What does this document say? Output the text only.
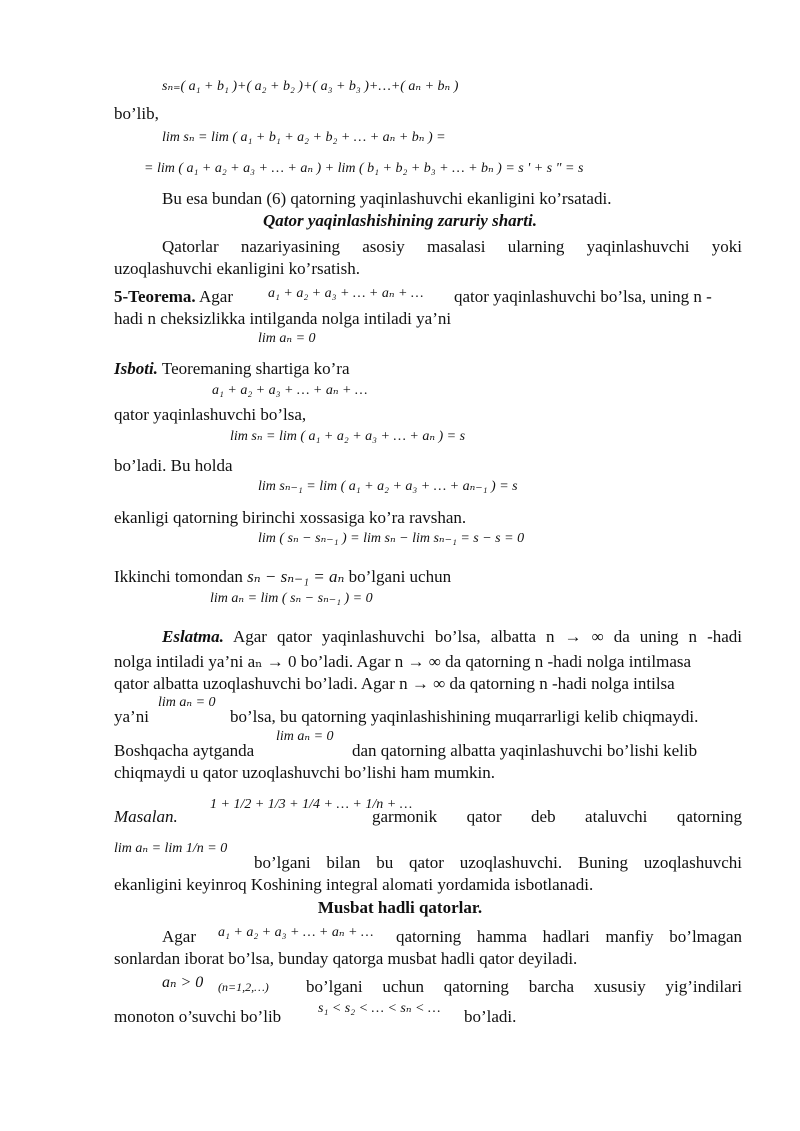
sₙ₌( a₁ + b₁ )+( a₂ + b₂ )+( a₃ + b₃ )+…+( aₙ + bₙ )
bo’lib,
lim sₙ = lim ( a₁ + b₁ + a₂ + b₂ + … + aₙ + bₙ ) =
= lim ( a₁ + a₂ + a₃ + … + aₙ ) + lim ( b₁ + b₂ + b₃ + … + bₙ ) = s ' + s " = s
Bu esa bundan (6) qatorning yaqinlashuvchi ekanligini ko’rsatadi.
Qator yaqinlashishining zaruriy sharti.
Qatorlar nazariyasining asosiy masalasi ularning yaqinlashuvchi yoki
uzoqlashuvchi ekanligini ko’rsatish.
5-Teorema. Agar	a₁ + a₂ + a₃ + … + aₙ + … qator yaqinlashuvchi bo’lsa, uning n -
hadi n cheksizlikka intilganda nolga intiladi ya’ni
lim aₙ = 0
Isboti. Teoremaning shartiga ko’ra
a₁ + a₂ + a₃ + … + aₙ + …
qator yaqinlashuvchi bo’lsa,
lim sₙ = lim ( a₁ + a₂ + a₃ + … + aₙ ) = s
bo’ladi. Bu holda
lim sₙ₋₁ = lim ( a₁ + a₂ + a₃ + … + aₙ₋₁ ) = s
ekanligi qatorning birinchi xossasiga ko’ra ravshan.
lim ( sₙ − sₙ₋₁ ) = lim sₙ − lim sₙ₋₁ = s − s = 0
Ikkinchi tomondan sₙ − sₙ₋₁ = aₙ bo’lgani uchun
lim aₙ = lim ( sₙ − sₙ₋₁ ) = 0
Eslatma. Agar qator yaqinlashuvchi bo’lsa, albatta n → ∞ da uning n -hadi
nolga intiladi ya’ni aₙ → 0 bo’ladi. Agar n → ∞ da qatorning n -hadi nolga intilmasa
qator albatta uzoqlashuvchi bo’ladi. Agar n → ∞ da qatorning n -hadi nolga intilsa
ya’ni
lim aₙ = 0
bo’lsa, bu qatorning yaqinlashishining muqarrarligi kelib chiqmaydi.
Boshqacha aytganda
lim aₙ = 0
dan qatorning albatta yaqinlashuvchi bo’lishi kelib
chiqmaydi u qator uzoqlashuvchi bo’lishi ham mumkin.
Masalan.
1 + 1/2 + 1/3 + 1/4 + … + 1/n + …
garmonik qator deb ataluvchi qatorning
lim aₙ = lim 1/n = 0
bo’lgani bilan bu qator uzoqlashuvchi. Buning uzoqlashuvchi
ekanligini keyinroq Koshining integral alomati yordamida isbotlanadi.
Musbat hadli qatorlar.
Agar a₁ + a₂ + a₃ + … + aₙ + … qatorning hamma hadlari manfiy bo’lmagan
sonlardan iborat bo’lsa, bunday qatorga musbat hadli qator deyiladi.
aₙ > 0 (n=1,2,…) bo’lgani uchun qatorning barcha xususiy yig’indilari
monoton o’suvchi bo’lib	s₁ < s₂ < … < sₙ < … bo’ladi.
